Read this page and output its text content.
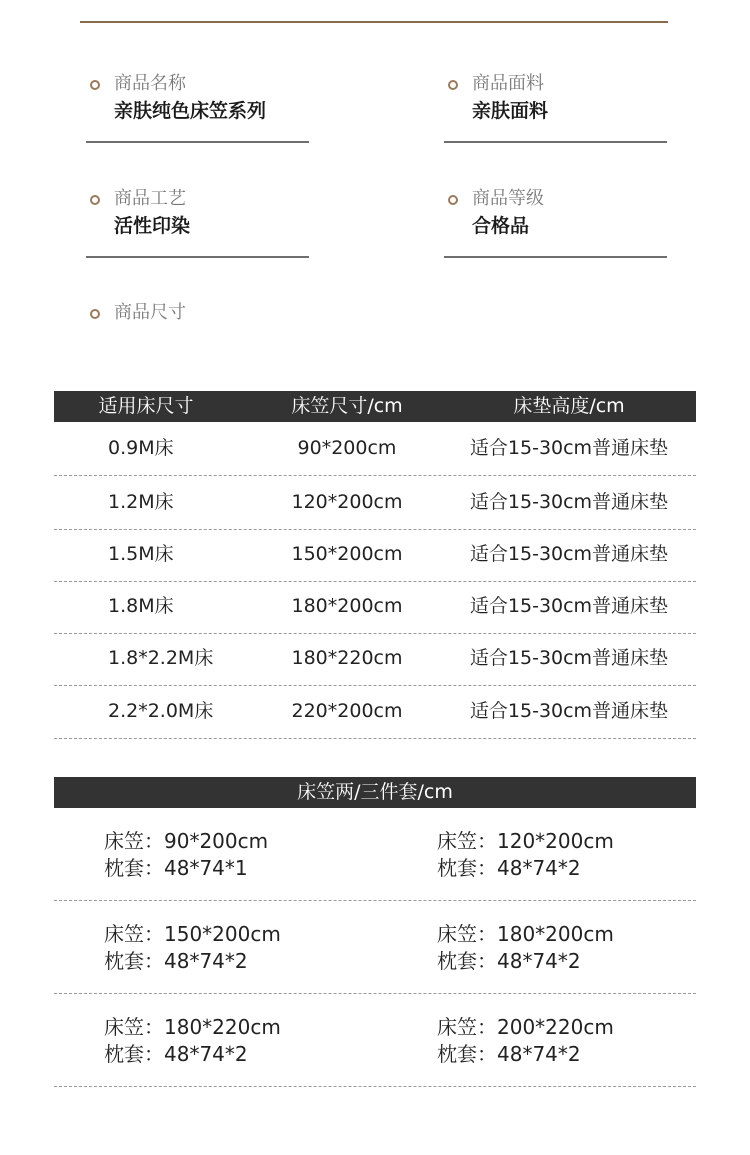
商品名称
亲肤纯色床笠系列
商品面料
亲肤面料
商品工艺
活性印染
商品等级
合格品
商品尺寸
适用床尺寸	床笠尺寸/cm	床垫高度/cm
0.9M床	90*200cm	适合15-30cm普通床垫
1.2M床	120*200cm	适合15-30cm普通床垫
1.5M床	150*200cm	适合15-30cm普通床垫
1.8M床	180*200cm	适合15-30cm普通床垫
1.8*2.2M床	180*220cm	适合15-30cm普通床垫
2.2*2.0M床	220*200cm	适合15-30cm普通床垫
床笠两/三件套/cm
床笠：90*200cm
枕套：48*74*1
床笠：120*200cm
枕套：48*74*2
床笠：150*200cm
枕套：48*74*2
床笠：180*200cm
枕套：48*74*2
床笠：180*220cm
枕套：48*74*2
床笠：200*220cm
枕套：48*74*2
